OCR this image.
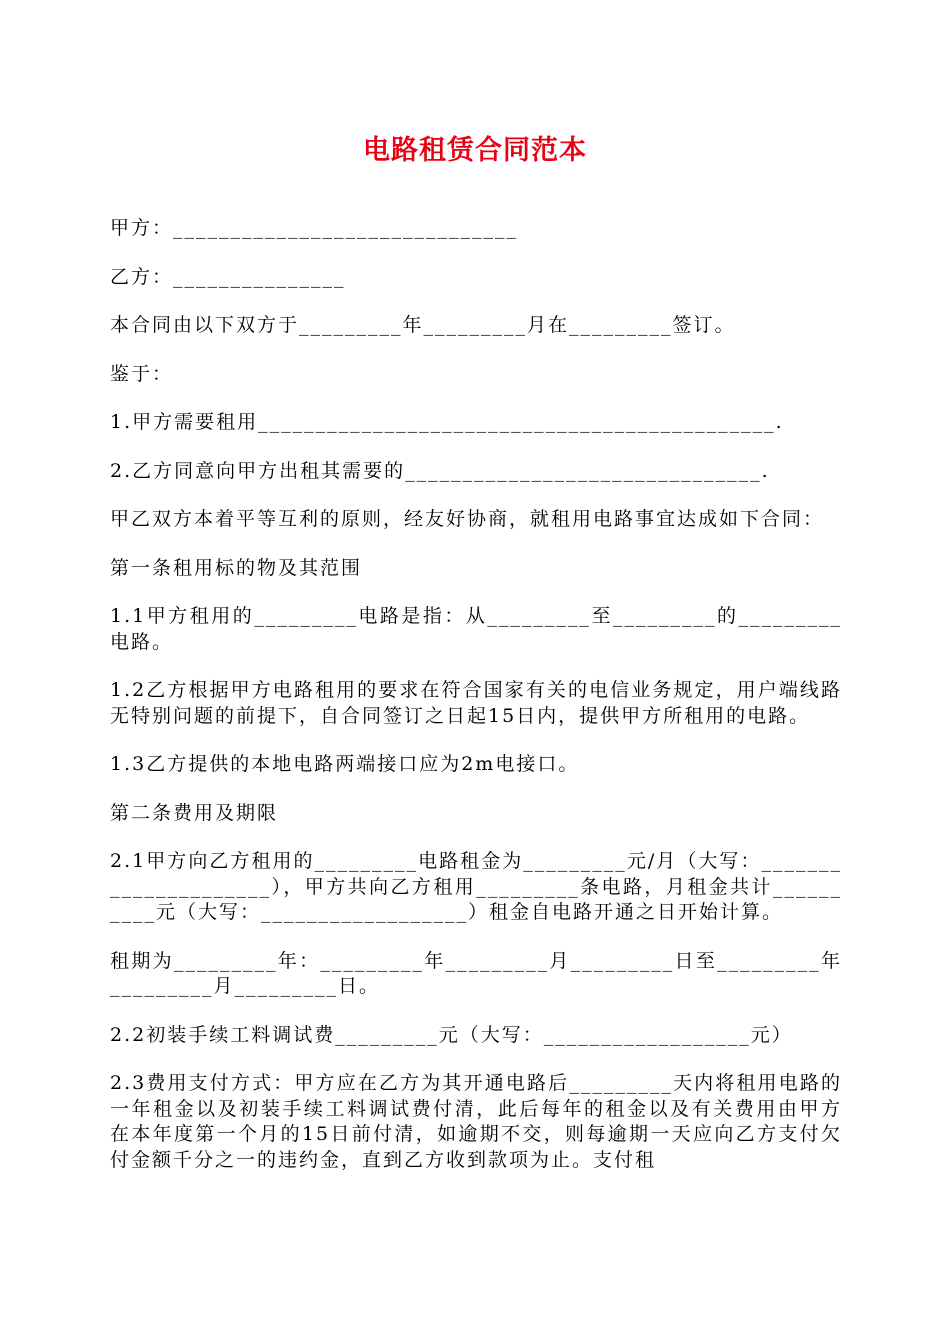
电路租赁合同范本

甲方：______________________________

乙方：_______________

本合同由以下双方于_________年_________月在_________签订。

鉴于：

1.甲方需要租用_____________________________________________.

2.乙方同意向甲方出租其需要的_______________________________.

甲乙双方本着平等互利的原则，经友好协商，就租用电路事宜达成如下合同：

第一条租用标的物及其范围

1.1甲方租用的_________电路是指：从_________至_________的_________电路。

1.2乙方根据甲方电路租用的要求在符合国家有关的电信业务规定，用户端线路无特别问题的前提下，自合同签订之日起15日内，提供甲方所租用的电路。

1.3乙方提供的本地电路两端接口应为2m电接口。

第二条费用及期限

2.1甲方向乙方租用的_________电路租金为_________元/月（大写：_____________________），甲方共向乙方租用_________条电路，月租金共计__________元（大写：__________________）租金自电路开通之日开始计算。

租期为_________年：_________年_________月_________日至_________年_________月_________日。

2.2初装手续工料调试费_________元（大写：__________________元）

2.3费用支付方式：甲方应在乙方为其开通电路后_________天内将租用电路的一年租金以及初装手续工料调试费付清，此后每年的租金以及有关费用由甲方在本年度第一个月的15日前付清，如逾期不交，则每逾期一天应向乙方支付欠付金额千分之一的违约金，直到乙方收到款项为止。支付租
